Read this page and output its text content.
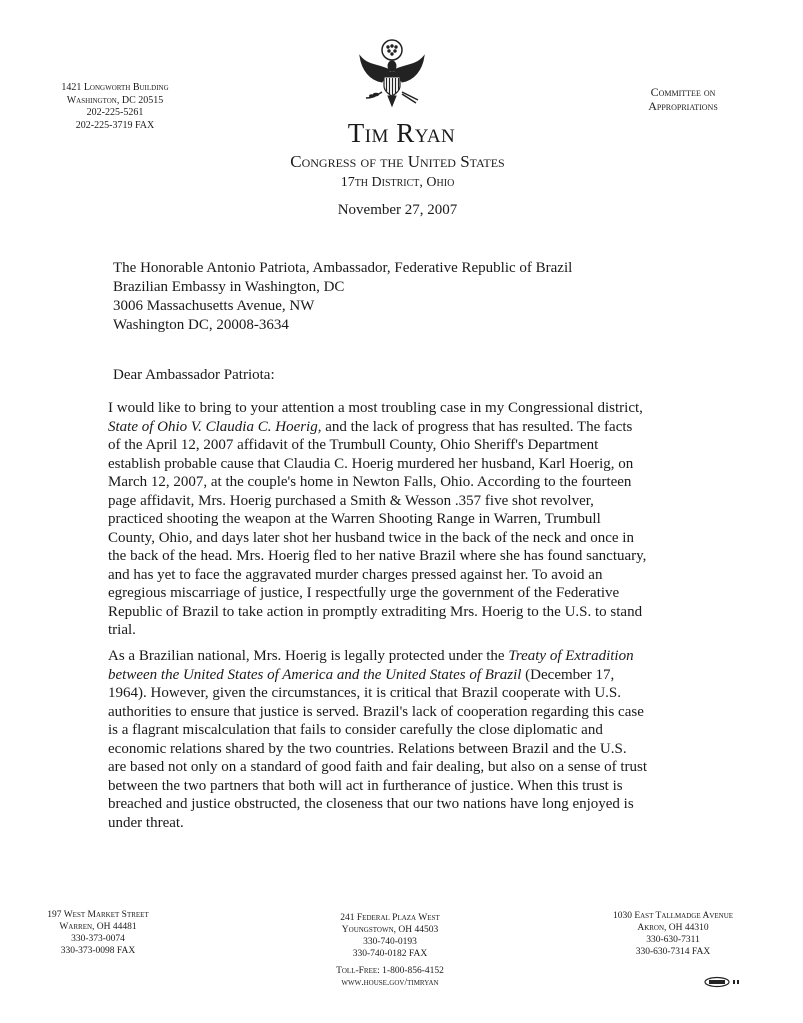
1421 Longworth Building
Washington, DC 20515
202-225-5261
202-225-3719 FAX
Committee on
Appropriations
Tim Ryan
Congress of the United States
17th District, Ohio
November 27, 2007
The Honorable Antonio Patriota, Ambassador, Federative Republic of Brazil
Brazilian Embassy in Washington, DC
3006 Massachusetts Avenue, NW
Washington DC, 20008-3634
Dear Ambassador Patriota:
I would like to bring to your attention a most troubling case in my Congressional district,
State of Ohio V. Claudia C. Hoerig, and the lack of progress that has resulted. The facts
of the April 12, 2007 affidavit of the Trumbull County, Ohio Sheriff's Department
establish probable cause that Claudia C. Hoerig murdered her husband, Karl Hoerig, on
March 12, 2007, at the couple's home in Newton Falls, Ohio. According to the fourteen
page affidavit, Mrs. Hoerig purchased a Smith & Wesson .357 five shot revolver,
practiced shooting the weapon at the Warren Shooting Range in Warren, Trumbull
County, Ohio, and days later shot her husband twice in the back of the neck and once in
the back of the head. Mrs. Hoerig fled to her native Brazil where she has found sanctuary,
and has yet to face the aggravated murder charges pressed against her. To avoid an
egregious miscarriage of justice, I respectfully urge the government of the Federative
Republic of Brazil to take action in promptly extraditing Mrs. Hoerig to the U.S. to stand
trial.
As a Brazilian national, Mrs. Hoerig is legally protected under the Treaty of Extradition
between the United States of America and the United States of Brazil (December 17,
1964). However, given the circumstances, it is critical that Brazil cooperate with U.S.
authorities to ensure that justice is served. Brazil's lack of cooperation regarding this case
is a flagrant miscalculation that fails to consider carefully the close diplomatic and
economic relations shared by the two countries. Relations between Brazil and the U.S.
are based not only on a standard of good faith and fair dealing, but also on a sense of trust
between the two partners that both will act in furtherance of justice. When this trust is
breached and justice obstructed, the closeness that our two nations have long enjoyed is
under threat.
197 West Market Street
Warren, OH 44481
330-373-0074
330-373-0098 FAX
241 Federal Plaza West
Youngstown, OH 44503
330-740-0193
330-740-0182 FAX
1030 East Tallmadge Avenue
Akron, OH 44310
330-630-7311
330-630-7314 FAX
Toll-Free: 1-800-856-4152
www.house.gov/timryan
